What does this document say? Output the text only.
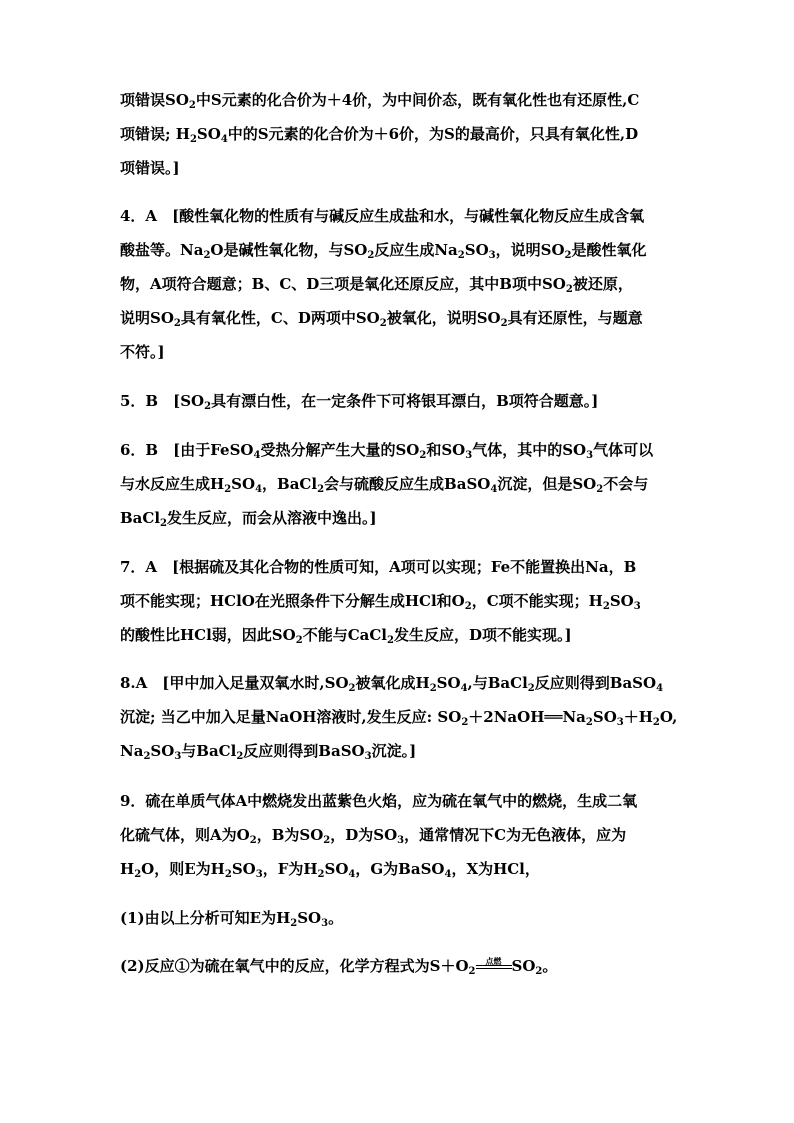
项错误$SO_2$中S元素的化合价为＋4价，为中间价态，既有氧化性也有还原性,C
项错误; $H_2SO_4$中的S元素的化合价为＋6价，为S的最高价，只具有氧化性,D
项错误。]
4．A　[酸性氧化物的性质有与碱反应生成盐和水，与碱性氧化物反应生成含氧
酸盐等。$Na_2O$是碱性氧化物，与$SO_2$反应生成$Na_2SO_3$，说明$SO_2$是酸性氧化
物，A项符合题意；B、C、D三项是氧化还原反应，其中B项中$SO_2$被还原，
说明$SO_2$具有氧化性，C、D两项中$SO_2$被氧化，说明$SO_2$具有还原性，与题意
不符。]
5．B　[$SO_2$具有漂白性，在一定条件下可将银耳漂白，B项符合题意。]
6．B　[由于FeSO$_4$受热分解产生大量的$SO_2$和$SO_3$气体，其中的$SO_3$气体可以
与水反应生成$H_2SO_4$，BaCl$_2$会与硫酸反应生成BaSO$_4$沉淀，但是$SO_2$不会与
BaCl$_2$发生反应，而会从溶液中逸出。]
7．A　[根据硫及其化合物的性质可知，A项可以实现；Fe不能置换出Na，B
项不能实现；HClO在光照条件下分解生成HCl和$O_2$，C项不能实现；$H_2SO_3$
的酸性比HCl弱，因此$SO_2$不能与CaCl$_2$发生反应，D项不能实现。]
8.A　[甲中加入足量双氧水时$,SO_2$被氧化成$H_2SO_4$,与BaCl$_2$反应则得到BaSO$_4$
沉淀; 当乙中加入足量NaOH溶液时,发生反应: $SO_2+2NaOH══Na_2SO_3+H_2O$,
$Na_2SO_3$与BaCl$_2$反应则得到BaSO$_3$沉淀。]
9．硫在单质气体A中燃烧发出蓝紫色火焰，应为硫在氧气中的燃烧，生成二氧
化硫气体，则A为$O_2$，B为$SO_2$，D为$SO_3$，通常情况下C为无色液体，应为
$H_2O$，则E为$H_2SO_3$，F为$H_2SO_4$，G为BaSO$_4$，X为HCl，
(1)由以上分析可知E为$H_2SO_3$。
(2)反应①为硫在氧气中的反应，化学方程式为$S+O_2$
点燃 $SO_2$。
